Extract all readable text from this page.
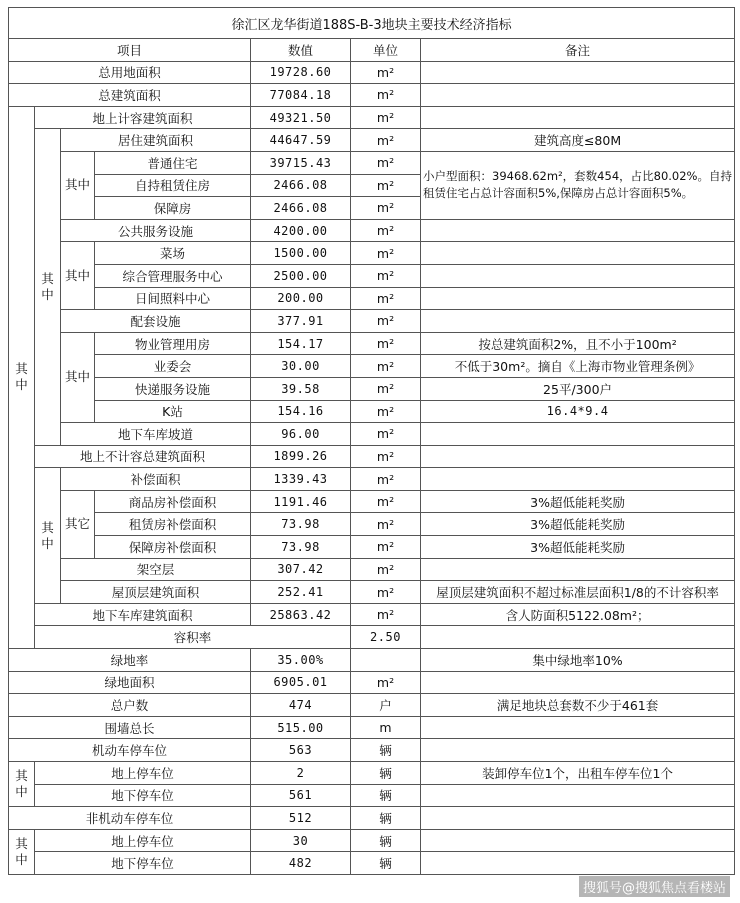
徐汇区龙华街道188S-B-3地块主要技术经济指标							
项目				数值	单位	备注	
总用地面积				19728.60	m²		
总建筑面积				77084.18	m²		
其
中	地上计容建筑面积			49321.50	m²		
	其
中	居住建筑面积		44647.59	m²	建筑高度≤80M	
		其中	普通住宅	39715.43	m²	小户型面积：39468.62m²，套数454，占比80.02%。自持租赁住宅占总计容面积5%,保障房占总计容面积5%。	
			自持租赁住房	2466.08	m²		
			保障房	2466.08	m²		
		公共服务设施		4200.00	m²		
		其中	菜场	1500.00	m²		
			综合管理服务中心	2500.00	m²		
			日间照料中心	200.00	m²		
		配套设施		377.91	m²		
		其中	物业管理用房	154.17	m²	按总建筑面积2%，且不小于100m²	
			业委会	30.00	m²	不低于30m²。摘自《上海市物业管理条例》	
			快递服务设施	39.58	m²	25平/300户	
			K站	154.16	m²	16.4*9.4	
		地下车库坡道		96.00	m²		
	地上不计容总建筑面积			1899.26	m²		
	其
中	补偿面积		1339.43	m²		
		其它	商品房补偿面积	1191.46	m²	3%超低能耗奖励	
			租赁房补偿面积	73.98	m²	3%超低能耗奖励	
			保障房补偿面积	73.98	m²	3%超低能耗奖励	
		架空层		307.42	m²		
		屋顶层建筑面积		252.41	m²	屋顶层建筑面积不超过标准层面积1/8的不计容积率	
	地下车库建筑面积			25863.42	m²	含人防面积5122.08m²；	
	容积率				2.50		
绿地率				35.00%		集中绿地率10%	
绿地面积				6905.01	m²		
总户数				474	户	满足地块总套数不少于461套	
围墙总长				515.00	m		
机动车停车位				563	辆		
其
中	地上停车位			2	辆	装卸停车位1个，出租车停车位1个	
	地下停车位			561	辆		
非机动车停车位				512	辆		
其
中	地上停车位			30	辆		
	地下停车位			482	辆		
搜狐号@搜狐焦点看楼站
